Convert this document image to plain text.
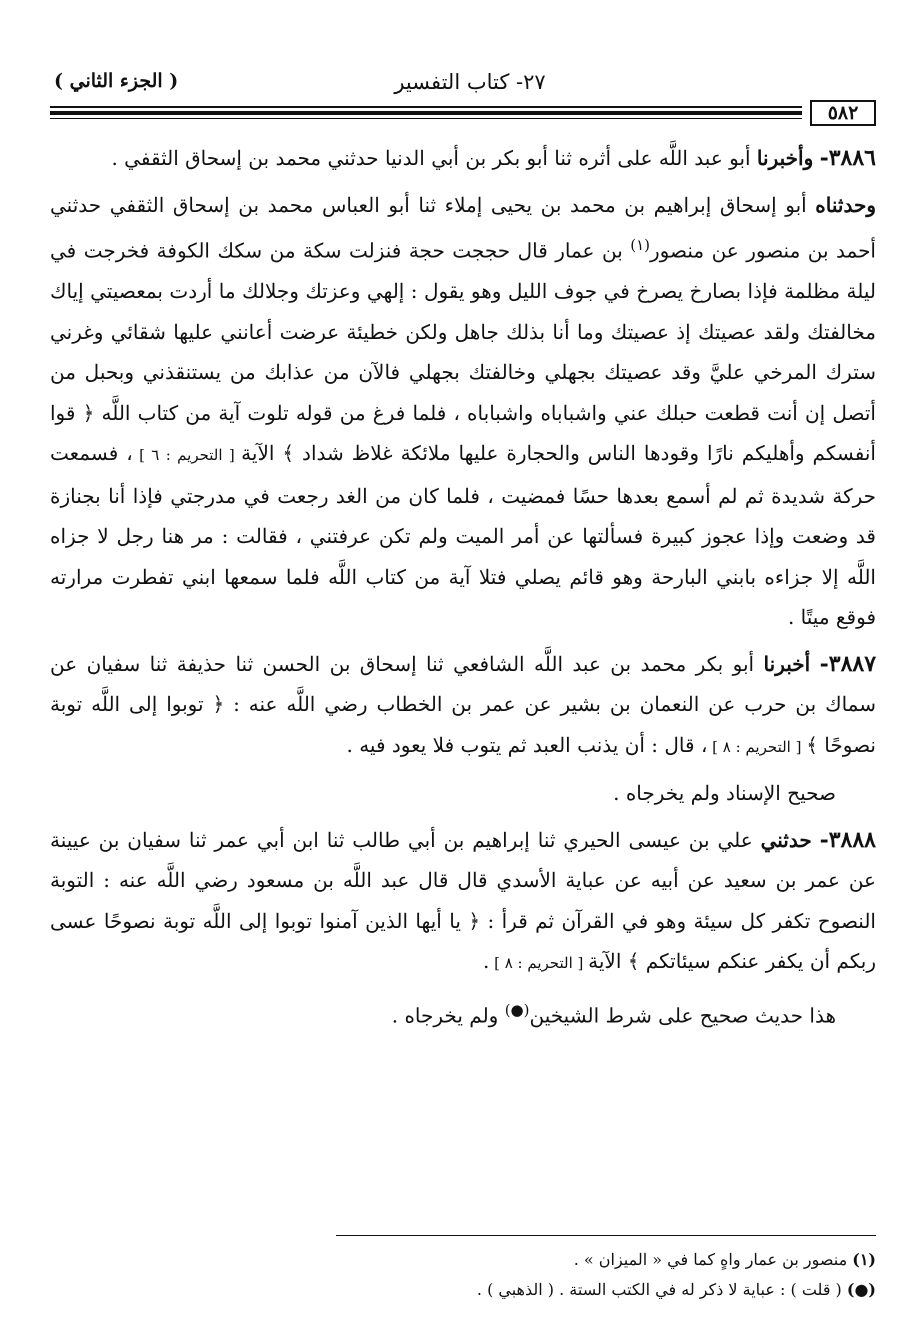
( الجزء الثاني )	٢٧- كتاب التفسير
٥٨٢

٣٨٨٦- وأخبرنا أبو عبد اللَّه على أثره ثنا أبو بكر بن أبي الدنيا حدثني محمد بن إسحاق الثقفي .

وحدثناه أبو إسحاق إبراهيم بن محمد بن يحيى إملاء ثنا أبو العباس محمد بن إسحاق الثقفي حدثني أحمد بن منصور عن منصور$^{(١)}$ بن عمار قال حججت حجة فنزلت سكة من سكك الكوفة فخرجت في ليلة مظلمة فإذا بصارخ يصرخ في جوف الليل وهو يقول : إلهي وعزتك وجلالك ما أردت بمعصيتي إياك مخالفتك ولقد عصيتك إذ عصيتك وما أنا بذلك جاهل ولكن خطيئة عرضت أعانني عليها شقائي وغرني سترك المرخي عليَّ وقد عصيتك بجهلي وخالفتك بجهلي فالآن من عذابك من يستنقذني وبحبل من أتصل إن أنت قطعت حبلك عني واشباباه واشباباه ، فلما فرغ من قوله تلوت آية من كتاب اللَّه ﴿ قوا أنفسكم وأهليكم نارًا وقودها الناس والحجارة عليها ملائكة غلاظ شداد ﴾ الآية [ التحريم : ٦ ] ، فسمعت حركة شديدة ثم لم أسمع بعدها حسًا فمضيت ، فلما كان من الغد رجعت في مدرجتي فإذا أنا بجنازة قد وضعت وإذا عجوز كبيرة فسألتها عن أمر الميت ولم تكن عرفتني ، فقالت : مر هنا رجل لا جزاه اللَّه إلا جزاءه بابني البارحة وهو قائم يصلي فتلا آية من كتاب اللَّه فلما سمعها ابني تفطرت مرارته فوقع ميتًا .

٣٨٨٧- أخبرنا أبو بكر محمد بن عبد اللَّه الشافعي ثنا إسحاق بن الحسن ثنا حذيفة ثنا سفيان عن سماك بن حرب عن النعمان بن بشير عن عمر بن الخطاب رضي اللَّه عنه : ﴿ توبوا إلى اللَّه توبة نصوحًا ﴾ [ التحريم : ٨ ] ، قال : أن يذنب العبد ثم يتوب فلا يعود فيه .

صحيح الإسناد ولم يخرجاه .

٣٨٨٨- حدثني علي بن عيسى الحيري ثنا إبراهيم بن أبي طالب ثنا ابن أبي عمر ثنا سفيان بن عيينة عن عمر بن سعيد عن أبيه عن عباية الأسدي قال قال عبد اللَّه بن مسعود رضي اللَّه عنه : التوبة النصوح تكفر كل سيئة وهو في القرآن ثم قرأ : ﴿ يا أيها الذين آمنوا توبوا إلى اللَّه توبة نصوحًا عسى ربكم أن يكفر عنكم سيئاتكم ﴾ الآية [ التحريم : ٨ ] .

هذا حديث صحيح على شرط الشيخين(●) ولم يخرجاه .

(١) منصور بن عمار واهٍ كما في « الميزان » .

(●) ( قلت ) : عباية لا ذكر له في الكتب الستة . ( الذهبي ) .
